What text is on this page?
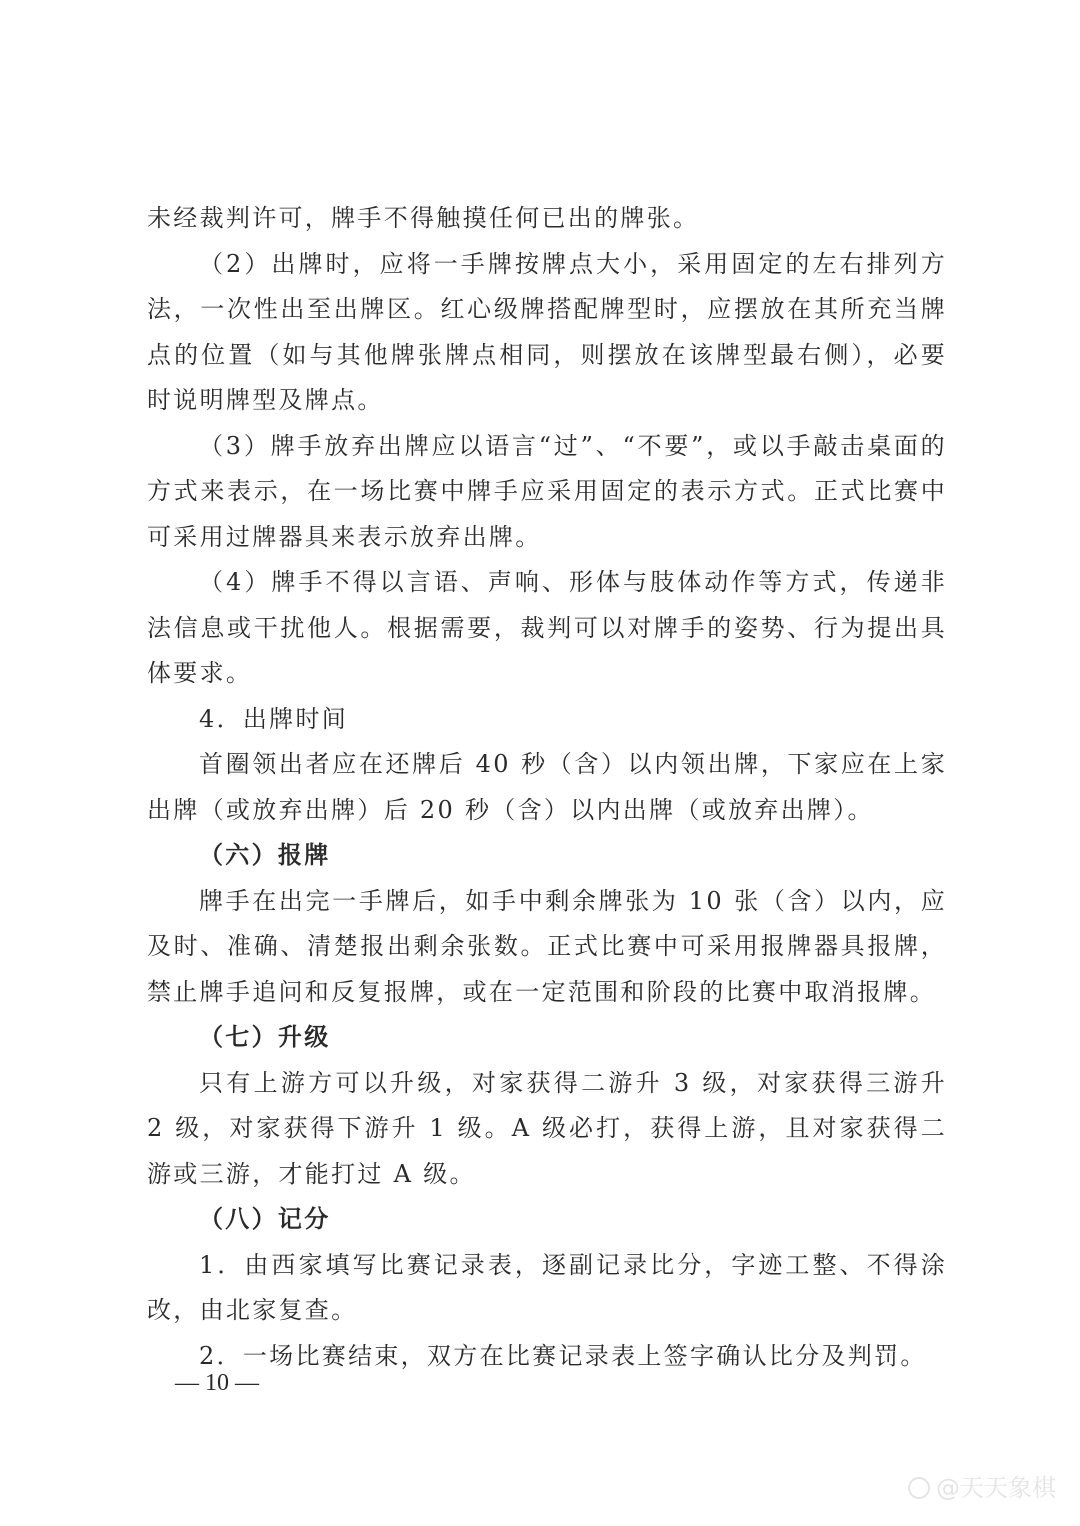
未经裁判许可，牌手不得触摸任何已出的牌张。

（2）出牌时，应将一手牌按牌点大小，采用固定的左右排列方法，一次性出至出牌区。红心级牌搭配牌型时，应摆放在其所充当牌点的位置（如与其他牌张牌点相同，则摆放在该牌型最右侧），必要时说明牌型及牌点。

（3）牌手放弃出牌应以语言“过”、“不要”，或以手敲击桌面的方式来表示，在一场比赛中牌手应采用固定的表示方式。正式比赛中可采用过牌器具来表示放弃出牌。

（4）牌手不得以言语、声响、形体与肢体动作等方式，传递非法信息或干扰他人。根据需要，裁判可以对牌手的姿势、行为提出具体要求。

4．出牌时间

首圈领出者应在还牌后 40 秒（含）以内领出牌，下家应在上家出牌（或放弃出牌）后 20 秒（含）以内出牌（或放弃出牌）。

（六）报牌

牌手在出完一手牌后，如手中剩余牌张为 10 张（含）以内，应及时、准确、清楚报出剩余张数。正式比赛中可采用报牌器具报牌，禁止牌手追问和反复报牌，或在一定范围和阶段的比赛中取消报牌。

（七）升级

只有上游方可以升级，对家获得二游升 3 级，对家获得三游升 2 级，对家获得下游升 1 级。A 级必打，获得上游，且对家获得二游或三游，才能打过 A 级。

（八）记分

1．由西家填写比赛记录表，逐副记录比分，字迹工整、不得涂改，由北家复查。

2．一场比赛结束，双方在比赛记录表上签字确认比分及判罚。

— 10 —
@天天象棋
